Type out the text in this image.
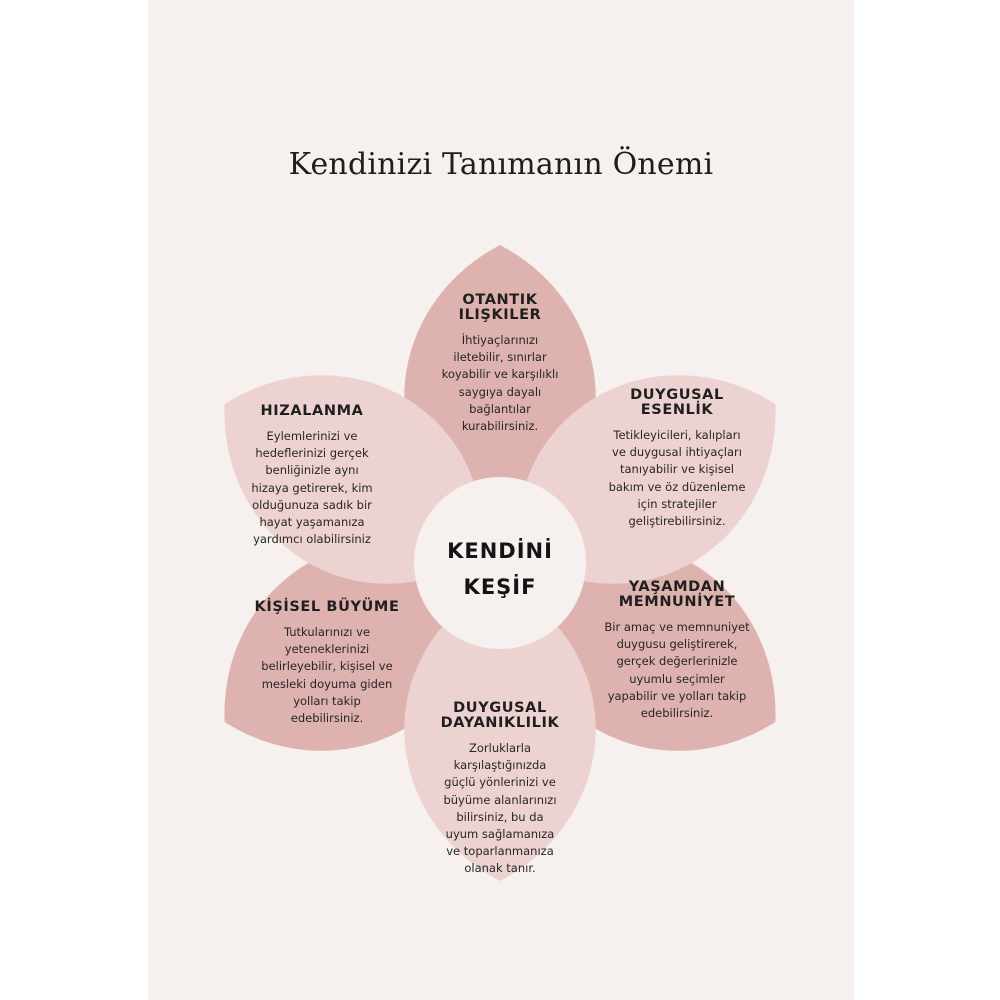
Kendinizi Tanımanın Önemi
KENDİNİ
KEŞİF
OTANTIK
ILIŞKILER
İhtiyaçlarınızı
iletebilir, sınırlar
koyabilir ve karşılıklı
saygıya dayalı
bağlantılar
kurabilirsiniz.
DUYGUSAL
ESENLİK
Tetikleyicileri, kalıpları
ve duygusal ihtiyaçları
tanıyabilir ve kişisel
bakım ve öz düzenleme
için stratejiler
geliştirebilirsiniz.
YAŞAMDAN
MEMNUNİYET
Bir amaç ve memnuniyet
duygusu geliştirerek,
gerçek değerlerinizle
uyumlu seçimler
yapabilir ve yolları takip
edebilirsiniz.
DUYGUSAL
DAYANIKLILIK
Zorluklarla
karşılaştığınızda
güçlü yönlerinizi ve
büyüme alanlarınızı
bilirsiniz, bu da
uyum sağlamanıza
ve toparlanmanıza
olanak tanır.
KİŞİSEL BÜYÜME
Tutkularınızı ve
yeteneklerinizi
belirleyebilir, kişisel ve
mesleki doyuma giden
yolları takip
edebilirsiniz.
HIZALANMA
Eylemlerinizi ve
hedeflerinizi gerçek
benliğinizle aynı
hizaya getirerek, kim
olduğunuza sadık bir
hayat yaşamanıza
yardımcı olabilirsiniz
